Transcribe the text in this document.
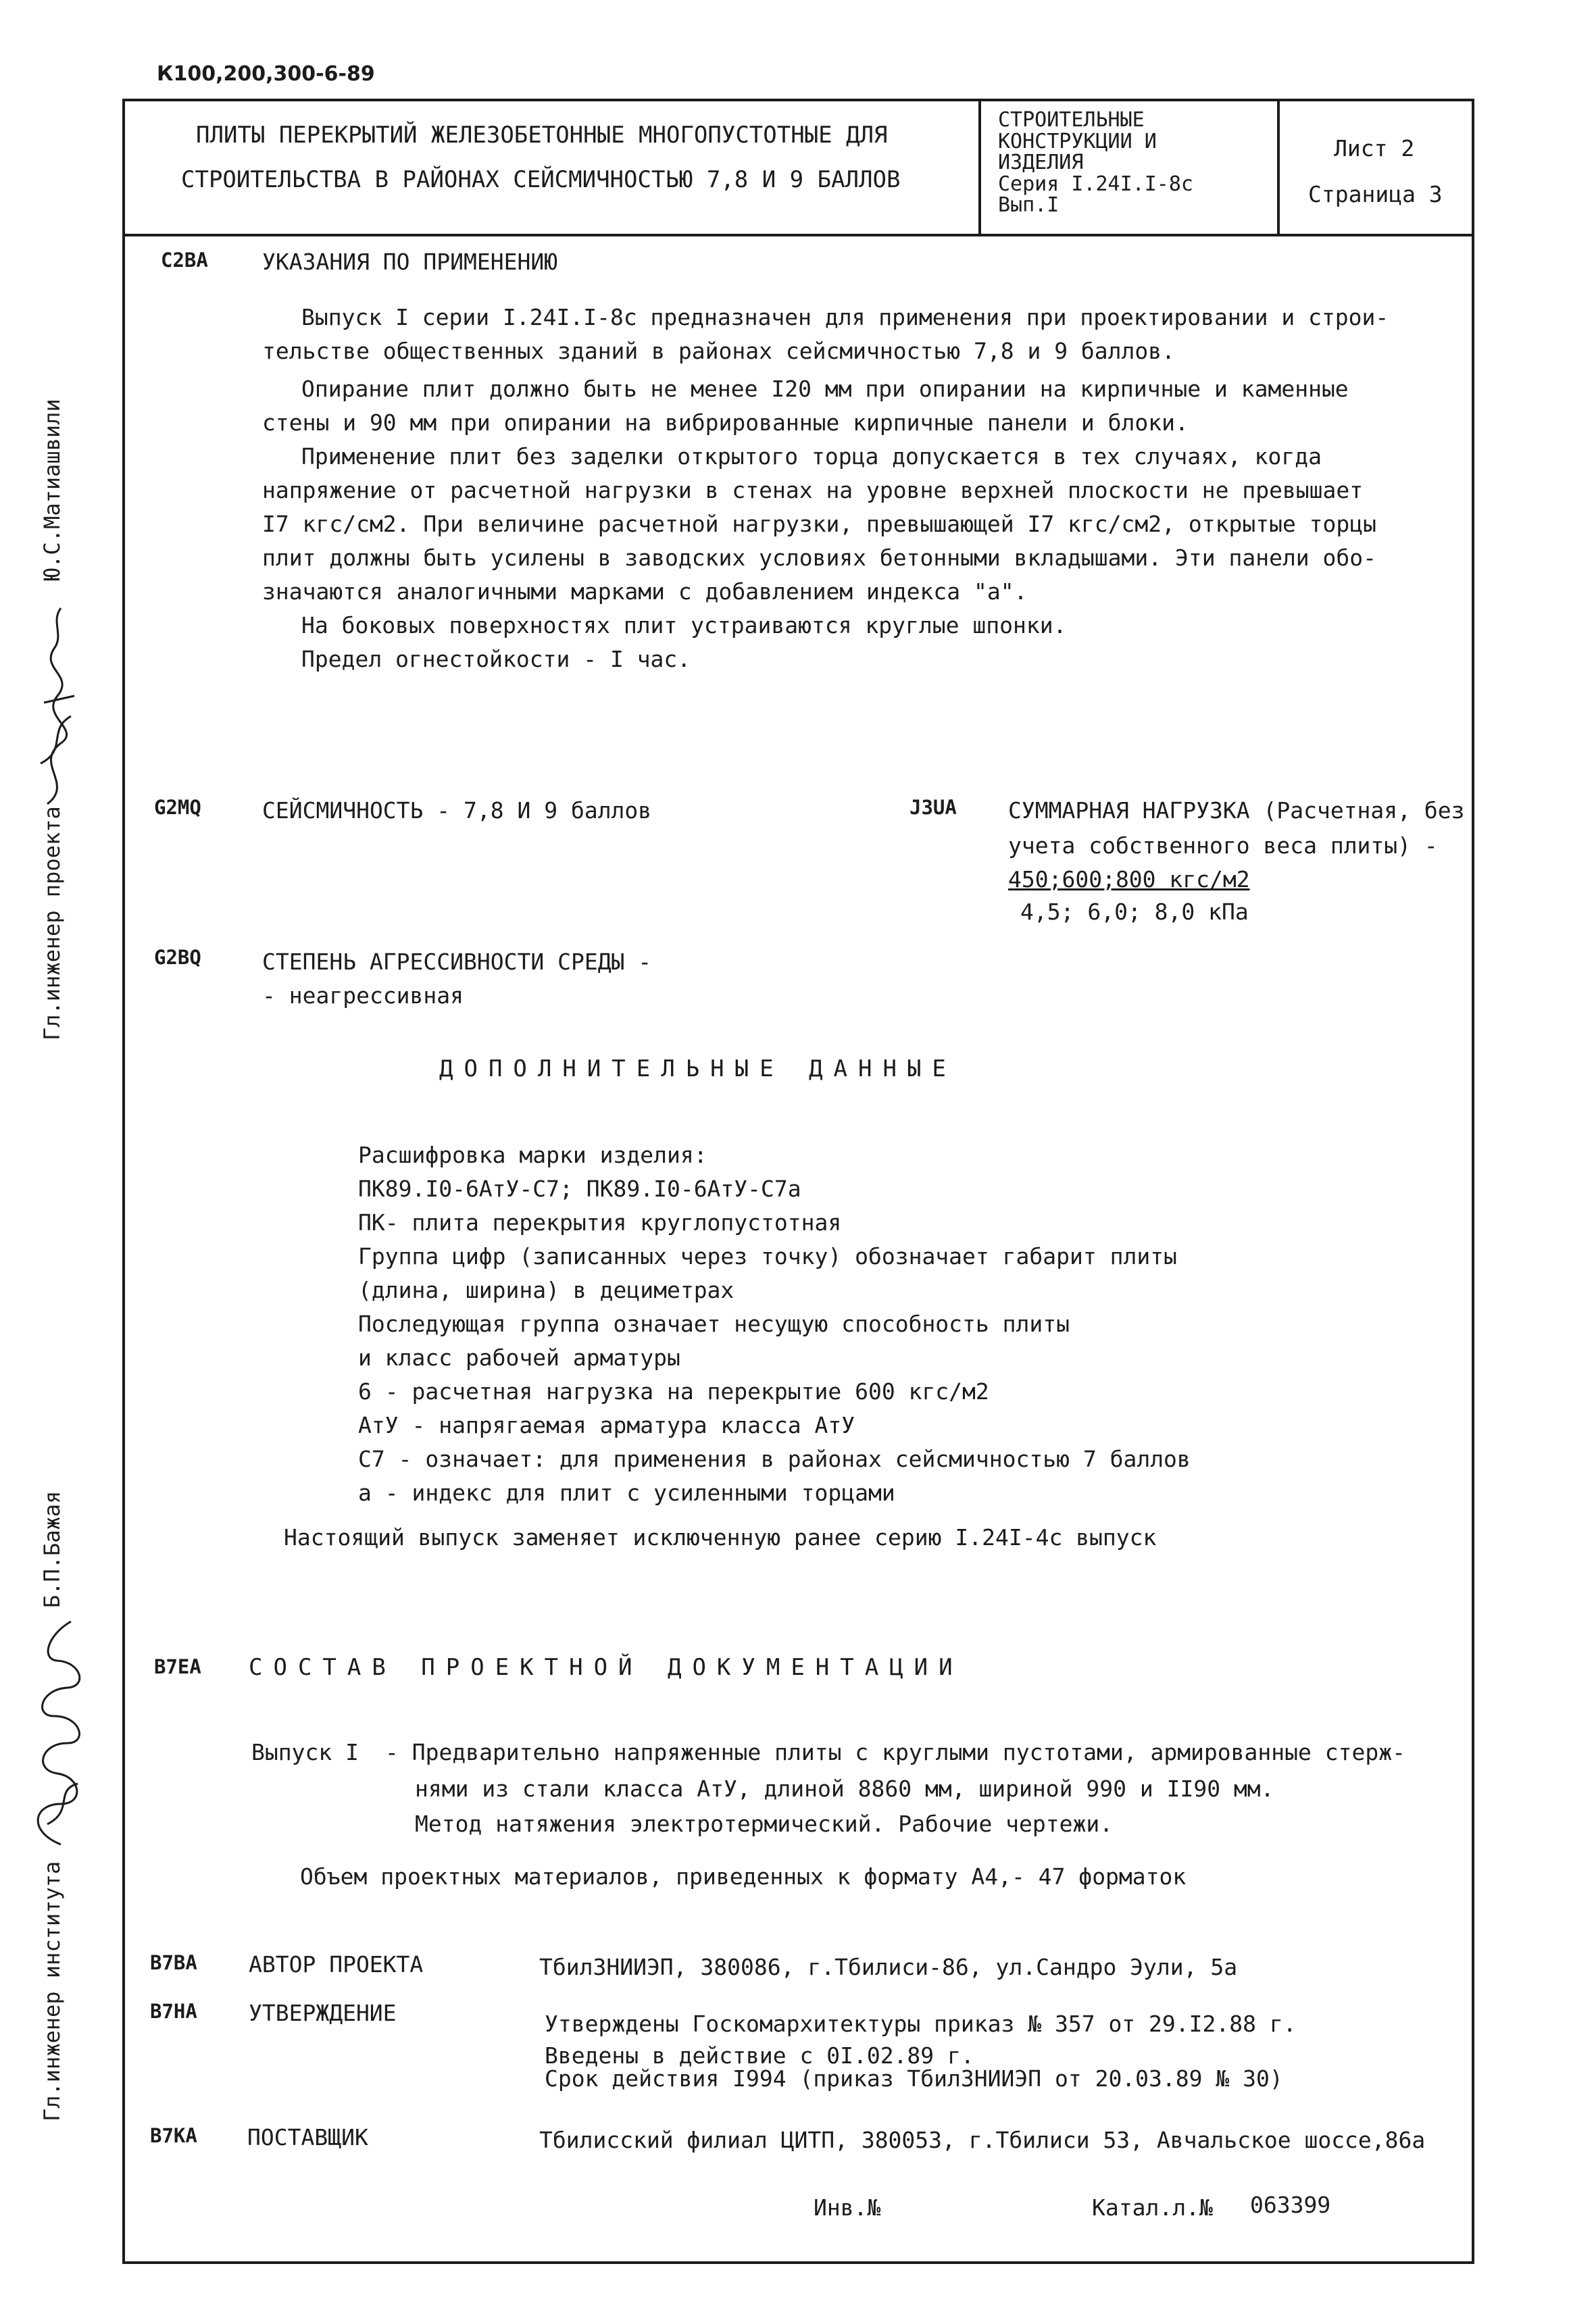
К100,200,300-6-89
ПЛИТЫ ПЕРЕКРЫТИЙ ЖЕЛЕЗОБЕТОННЫЕ МНОГОПУСТОТНЫЕ ДЛЯ
СТРОИТЕЛЬСТВА В РАЙОНАХ СЕЙСМИЧНОСТЬЮ 7,8 И 9 БАЛЛОВ
СТРОИТЕЛЬНЫЕ
КОНСТРУКЦИИ И
ИЗДЕЛИЯ
Серия I.24I.I-8с
Вып.I
Лист 2
Страница 3
С2ВА УКАЗАНИЯ ПО ПРИМЕНЕНИЮ
Выпуск I серии I.24I.I-8с предназначен для применения при проектировании и строи-
тельстве общественных зданий в районах сейсмичностью 7,8 и 9 баллов.
Опирание плит должно быть не менее I20 мм при опирании на кирпичные и каменные
стены и 90 мм при опирании на вибрированные кирпичные панели и блоки.
Применение плит без заделки открытого торца допускается в тех случаях, когда
напряжение от расчетной нагрузки в стенах на уровне верхней плоскости не превышает
I7 кгс/см2. При величине расчетной нагрузки, превышающей I7 кгс/см2, открытые торцы
плит должны быть усилены в заводских условиях бетонными вкладышами. Эти панели обо-
значаются аналогичными марками с добавлением индекса "а".
На боковых поверхностях плит устраиваются круглые шпонки.
Предел огнестойкости - I час.
G2МQ	СЕЙСМИЧНОСТЬ - 7,8 И 9 баллов	J3UA СУММАРНАЯ НАГРУЗКА (Расчетная, без
учета собственного веса плиты) -
450;600;800 кгс/м2
4,5; 6,0; 8,0 кПа
G2ВQ	СТЕПЕНЬ АГРЕССИВНОСТИ СРЕДЫ -
- неагрессивная
ДОПОЛНИТЕЛЬНЫЕ ДАННЫЕ
Расшифровка марки изделия:
ПК89.I0-6АтУ-С7; ПК89.I0-6АтУ-С7а
ПК- плита перекрытия круглопустотная
Группа цифр (записанных через точку) обозначает габарит плиты
(длина, ширина) в дециметрах
Последующая группа означает несущую способность плиты
и класс рабочей арматуры
6 - расчетная нагрузка на перекрытие 600 кгс/м2
АтУ - напрягаемая арматура класса АтУ
С7 - означает: для применения в районах сейсмичностью 7 баллов
а - индекс для плит с усиленными торцами
Настоящий выпуск заменяет исключенную ранее серию I.24I-4с выпуск
В7ЕА СОСТАВ ПРОЕКТНОЙ ДОКУМЕНТАЦИИ
Выпуск I - Предварительно напряженные плиты с круглыми пустотами, армированные стерж-
нями из стали класса АтУ, длиной 8860 мм, шириной 990 и II90 мм.
Метод натяжения электротермический. Рабочие чертежи.
Объем проектных материалов, приведенных к формату А4,- 47 форматок
В7ВА АВТОР ПРОЕКТА	ТбилЗНИИЭП, 380086, г.Тбилиси-86, ул.Сандро Эули, 5а
В7НА УТВЕРЖДЕНИЕ	Утверждены Госкомархитектуры приказ № 357 от 29.I2.88 г.
Введены в действие с 0I.02.89 г.
Срок действия I994 (приказ ТбилЗНИИЭП от 20.03.89 № 30)
В7КА ПОСТАВЩИК	Тбилисский филиал ЦИТП, 380053, г.Тбилиси 53, Авчальское шоссе,86а
Инв.№	Катал.л.№ 063399
Гл.инженер проекта
Ю.С.Матиашвили
Гл.инженер института
Б.П.Бажая
